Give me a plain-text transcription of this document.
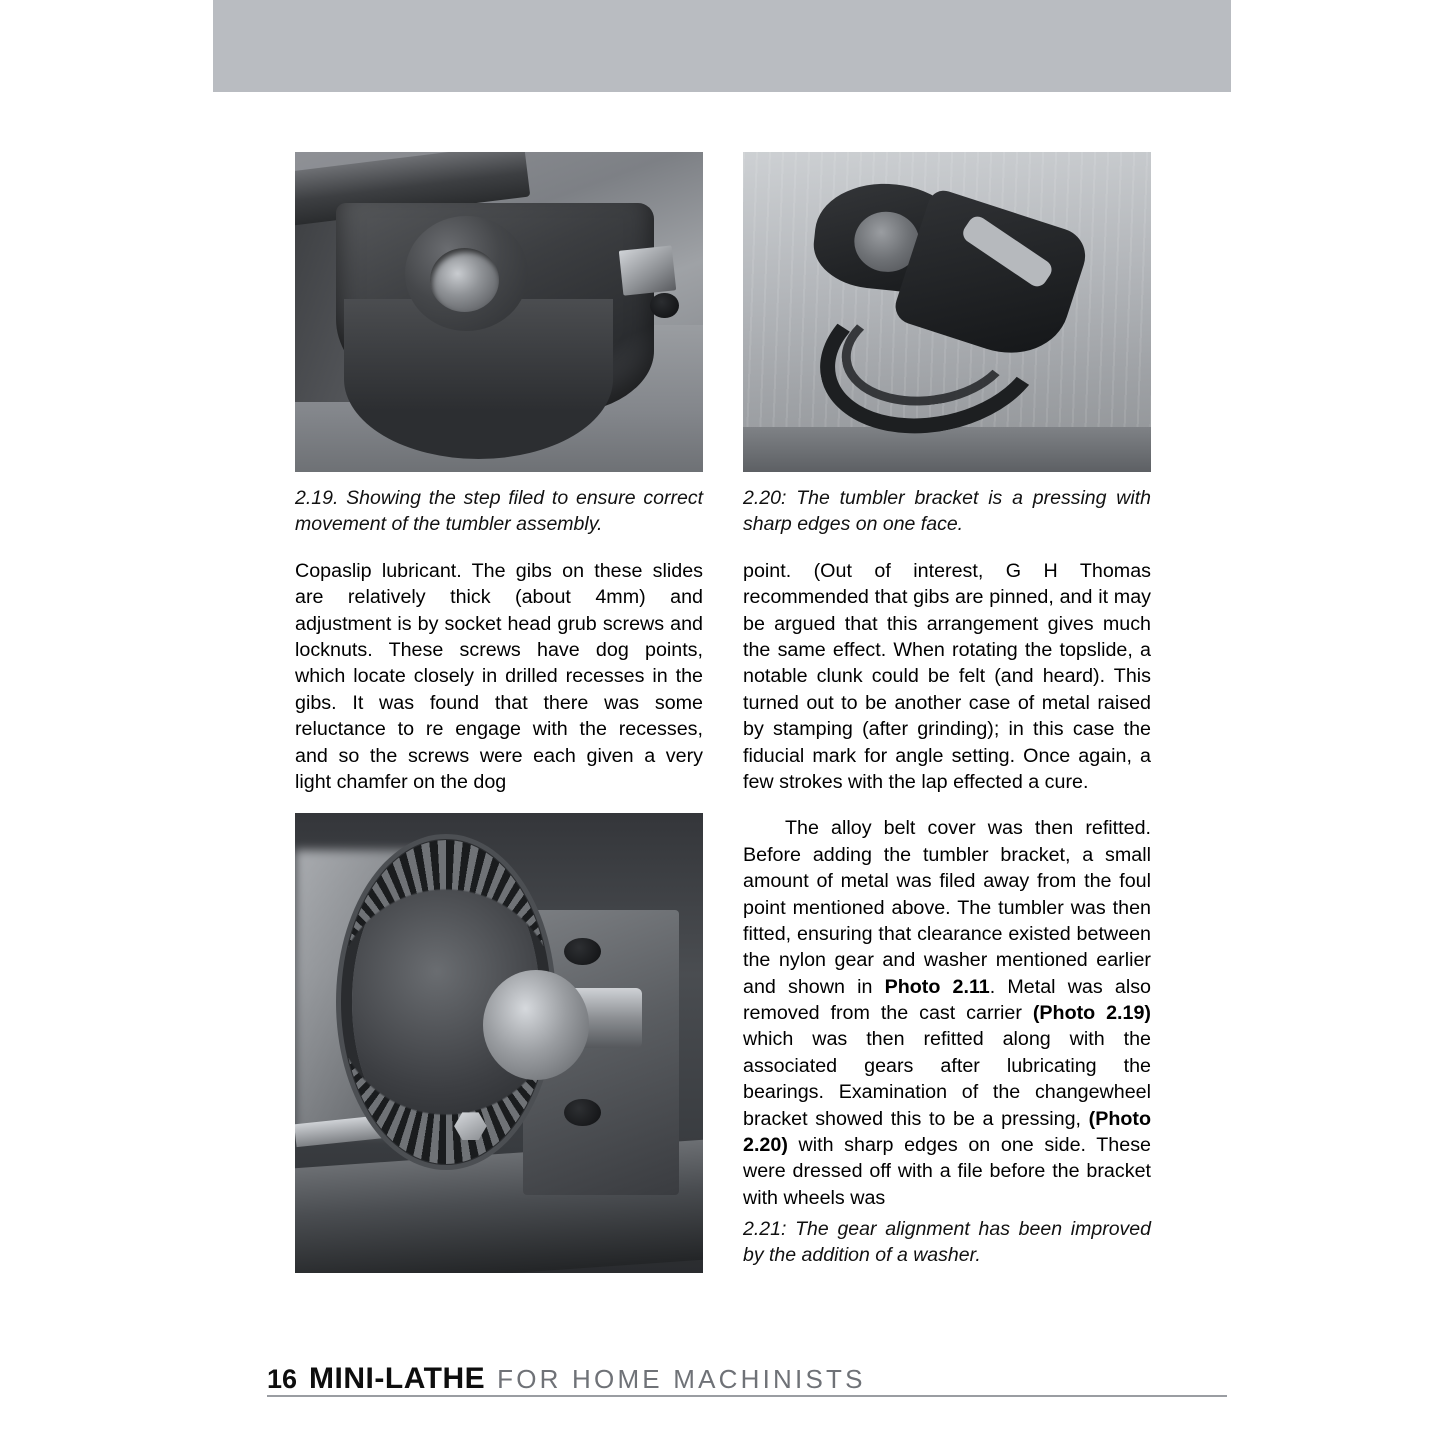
2.19. Showing the step filed to ensure correct movement of the tumbler assembly.
Copaslip lubricant. The gibs on these slides are relatively thick (about 4mm) and adjustment is by socket head grub screws and locknuts. These screws have dog points, which locate closely in drilled recesses in the gibs. It was found that there was some reluctance to re engage with the recesses, and so the screws were each given a very light chamfer on the dog
2.20: The tumbler bracket is a pressing with sharp edges on one face.
point. (Out of interest, G H Thomas recommended that gibs are pinned, and it may be argued that this arrangement gives much the same effect. When rotating the topslide, a notable clunk could be felt (and heard). This turned out to be another case of metal raised by stamping (after grinding); in this case the fiducial mark for angle setting. Once again, a few strokes with the lap effected a cure.
The alloy belt cover was then refitted. Before adding the tumbler bracket, a small amount of metal was filed away from the foul point mentioned above. The tumbler was then fitted, ensuring that clearance existed between the nylon gear and washer mentioned earlier and shown in Photo 2.11. Metal was also removed from the cast carrier (Photo 2.19) which was then refitted along with the associated gears after lubricating the bearings. Examination of the changewheel bracket showed this to be a pressing, (Photo 2.20) with sharp edges on one side. These were dressed off with a file before the bracket with wheels was
2.21: The gear alignment has been improved by the addition of a washer.
16 MINI-LATHE FOR HOME MACHINISTS
